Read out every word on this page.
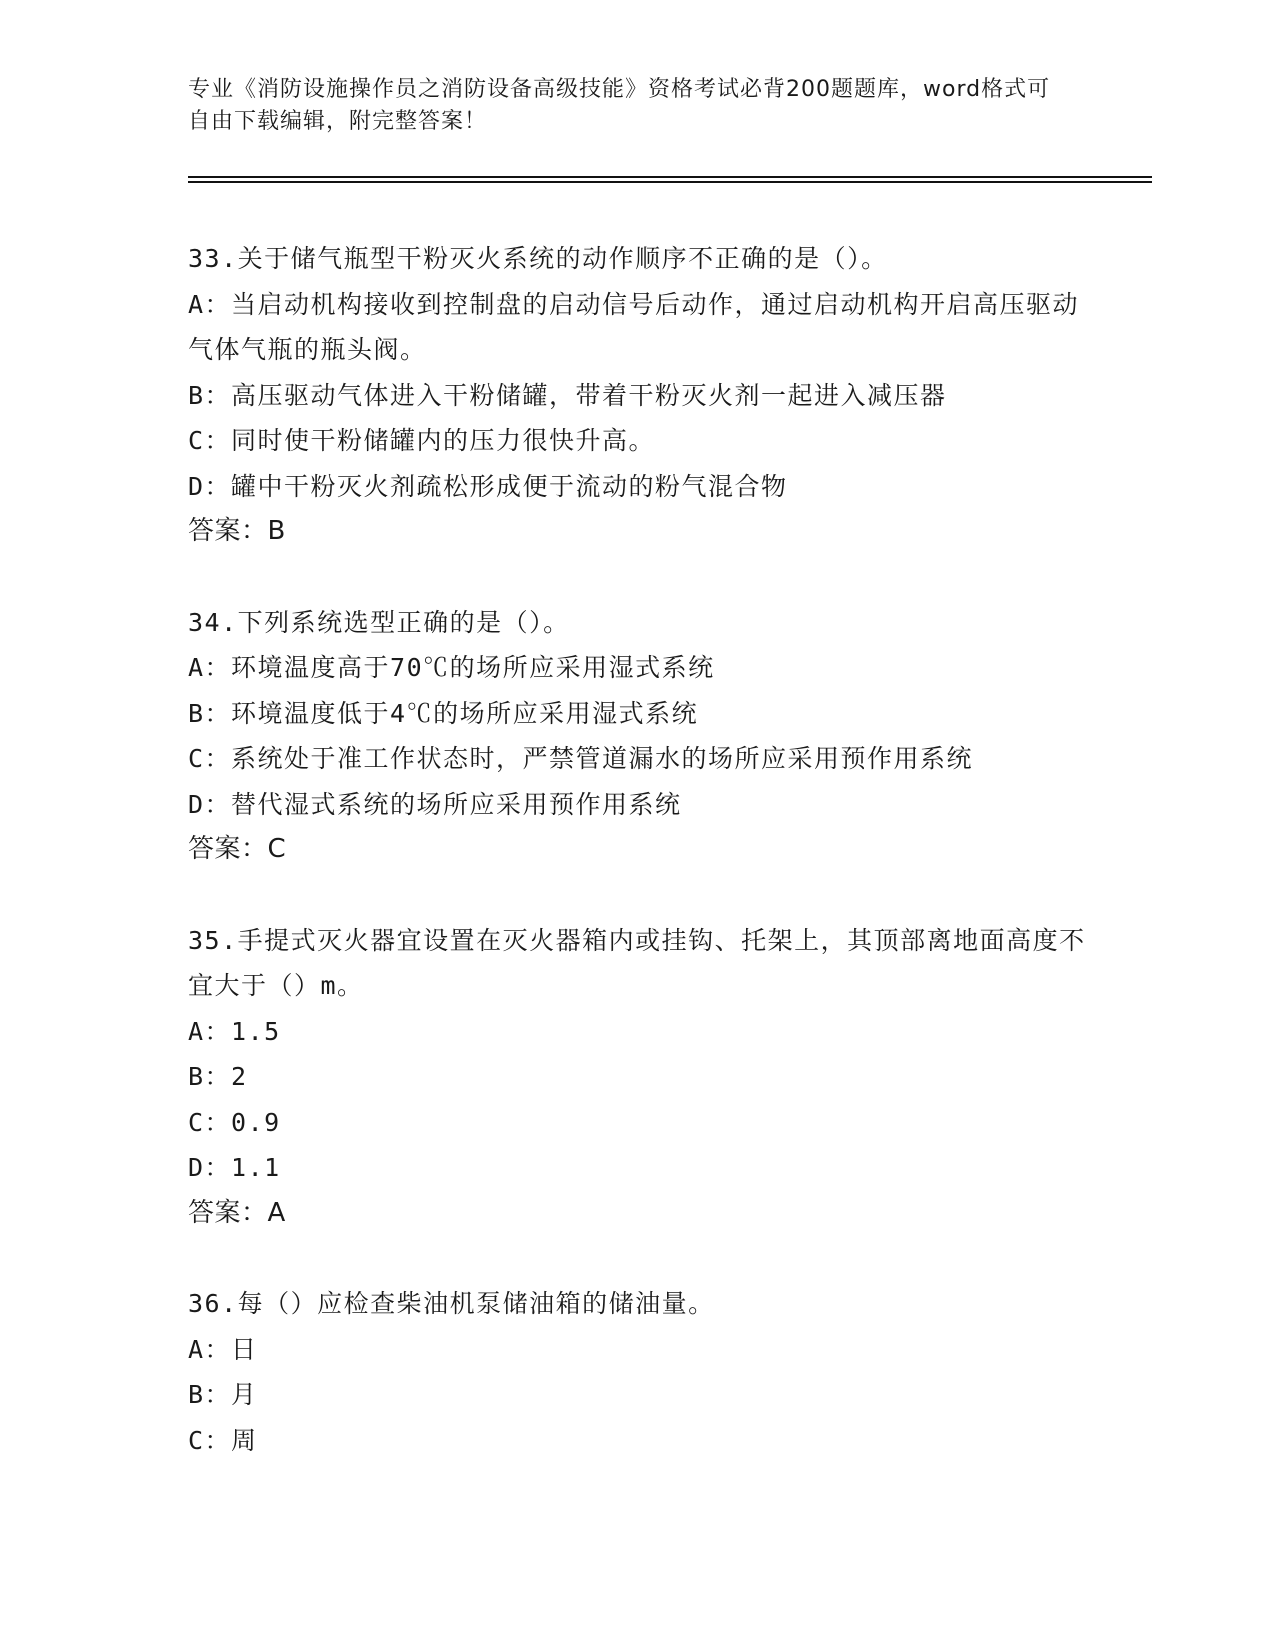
专业《消防设施操作员之消防设备高级技能》资格考试必背200题题库，word格式可自由下载编辑，附完整答案！

33.关于储气瓶型干粉灭火系统的动作顺序不正确的是（）。

A：当启动机构接收到控制盘的启动信号后动作，通过启动机构开启高压驱动气体气瓶的瓶头阀。

B：高压驱动气体进入干粉储罐，带着干粉灭火剂一起进入减压器

C：同时使干粉储罐内的压力很快升高。

D：罐中干粉灭火剂疏松形成便于流动的粉气混合物

答案：B

34.下列系统选型正确的是（）。

A：环境温度高于70℃的场所应采用湿式系统

B：环境温度低于4℃的场所应采用湿式系统

C：系统处于准工作状态时，严禁管道漏水的场所应采用预作用系统

D：替代湿式系统的场所应采用预作用系统

答案：C

35.手提式灭火器宜设置在灭火器箱内或挂钩、托架上，其顶部离地面高度不宜大于（）m。

A：1.5

B：2

C：0.9

D：1.1

答案：A

36.每（）应检查柴油机泵储油箱的储油量。

A：日

B：月

C：周
